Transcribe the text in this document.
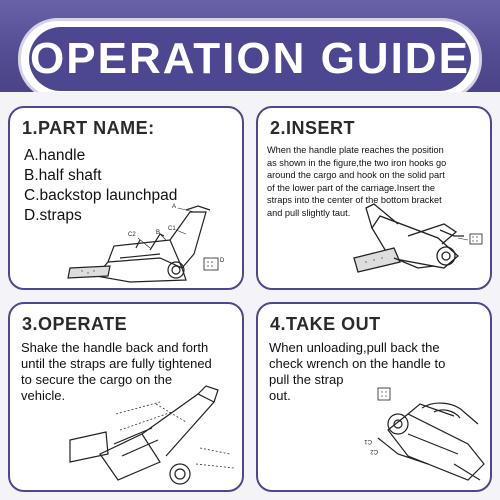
OPERATION GUIDE
1.PART NAME:
A.handle
B.half shaft
C.backstop launchpad
D.straps	A
C1
C2	B
D
2.INSERT
When the handle plate reaches the position
as shown in the figure,the two iron hooks go
around the cargo and hook on the solid part
of the lower part of the carriage.Insert the
straps into the center of the bottom bracket
and pull slightly taut.
3.OPERATE
Shake the handle back and forth
until the straps are fully tightened
to secure the cargo on the
vehicle.
4.TAKE OUT
When unloading,pull back the
check wrench on the handle to
pull the strap
out.
C1
C2
